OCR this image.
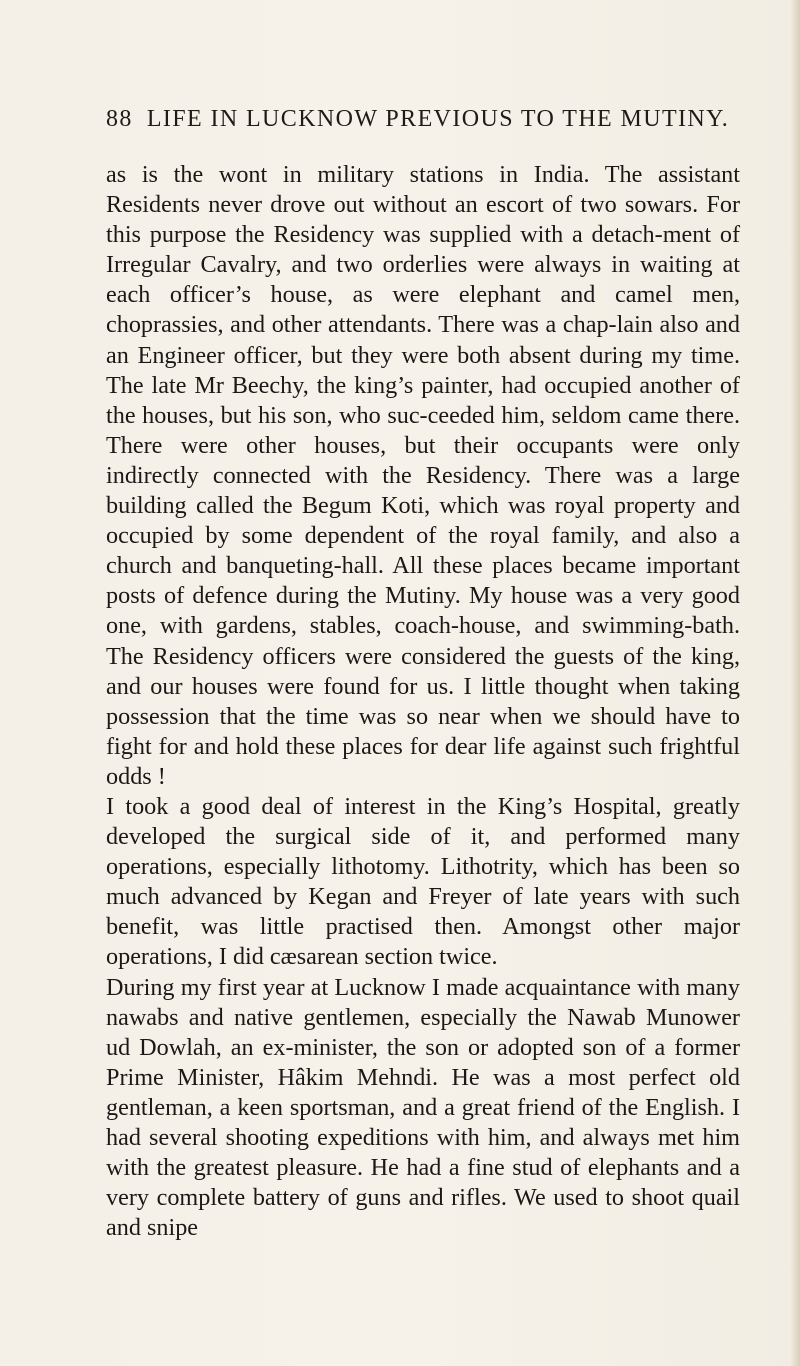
88 LIFE IN LUCKNOW PREVIOUS TO THE MUTINY.

as is the wont in military stations in India. The assistant Residents never drove out without an escort of two sowars. For this purpose the Residency was supplied with a detach-ment of Irregular Cavalry, and two orderlies were always in waiting at each officer’s house, as were elephant and camel men, choprassies, and other attendants. There was a chap-lain also and an Engineer officer, but they were both absent during my time. The late Mr Beechy, the king’s painter, had occupied another of the houses, but his son, who suc-ceeded him, seldom came there. There were other houses, but their occupants were only indirectly connected with the Residency. There was a large building called the Begum Koti, which was royal property and occupied by some dependent of the royal family, and also a church and banqueting-hall. All these places became important posts of defence during the Mutiny. My house was a very good one, with gardens, stables, coach-house, and swimming-bath. The Residency officers were considered the guests of the king, and our houses were found for us. I little thought when taking possession that the time was so near when we should have to fight for and hold these places for dear life against such frightful odds !

I took a good deal of interest in the King’s Hospital, greatly developed the surgical side of it, and performed many operations, especially lithotomy. Lithotrity, which has been so much advanced by Kegan and Freyer of late years with such benefit, was little practised then. Amongst other major operations, I did cæsarean section twice.

During my first year at Lucknow I made acquaintance with many nawabs and native gentlemen, especially the Nawab Munower ud Dowlah, an ex-minister, the son or adopted son of a former Prime Minister, Hâkim Mehndi. He was a most perfect old gentleman, a keen sportsman, and a great friend of the English. I had several shooting expeditions with him, and always met him with the greatest pleasure. He had a fine stud of elephants and a very complete battery of guns and rifles. We used to shoot quail and snipe
